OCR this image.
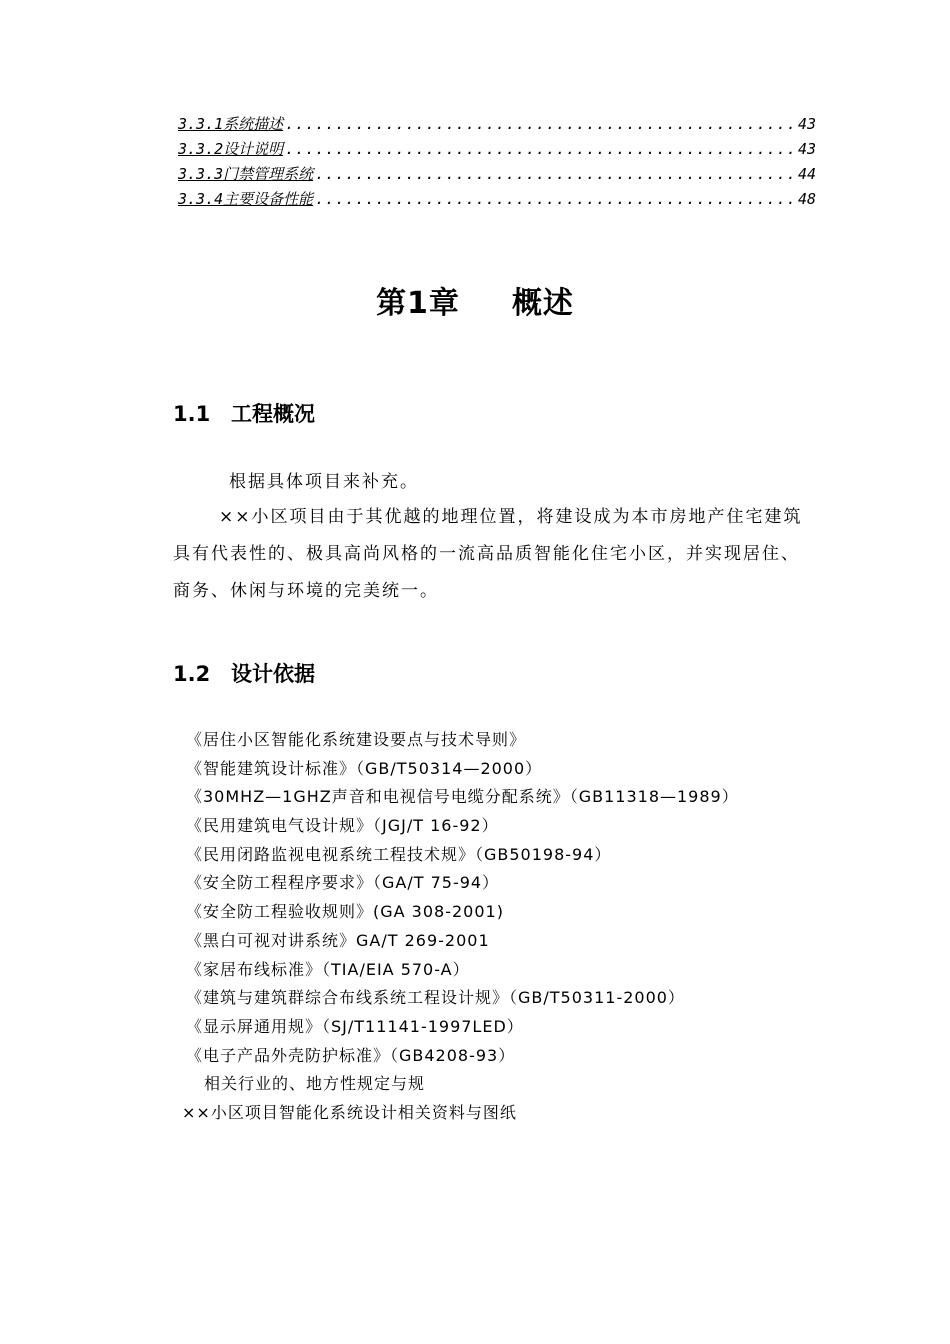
3.3.1系统描述 .....	43
3.3.2设计说明 .....	43
3.3.3门禁管理系统 .....	44
3.3.4主要设备性能 .....	48
第1章 概述
1.1 工程概况
根据具体项目来补充。
××小区项目由于其优越的地理位置，将建设成为本市房地产住宅建筑具有代表性的、极具高尚风格的一流高品质智能化住宅小区，并实现居住、商务、休闲与环境的完美统一。
1.2 设计依据
《居住小区智能化系统建设要点与技术导则》
《智能建筑设计标准》（GB/T50314—2000）
《30MHZ—1GHZ声音和电视信号电缆分配系统》（GB11318—1989）
《民用建筑电气设计规》（JGJ/T 16-92）
《民用闭路监视电视系统工程技术规》（GB50198-94）
《安全防工程程序要求》（GA/T 75-94）
《安全防工程验收规则》(GA 308-2001)
《黑白可视对讲系统》GA/T 269-2001
《家居布线标准》（TIA/EIA 570-A）
《建筑与建筑群综合布线系统工程设计规》（GB/T50311-2000）
《显示屏通用规》（SJ/T11141-1997LED）
《电子产品外壳防护标准》（GB4208-93）
相关行业的、地方性规定与规
××小区项目智能化系统设计相关资料与图纸
